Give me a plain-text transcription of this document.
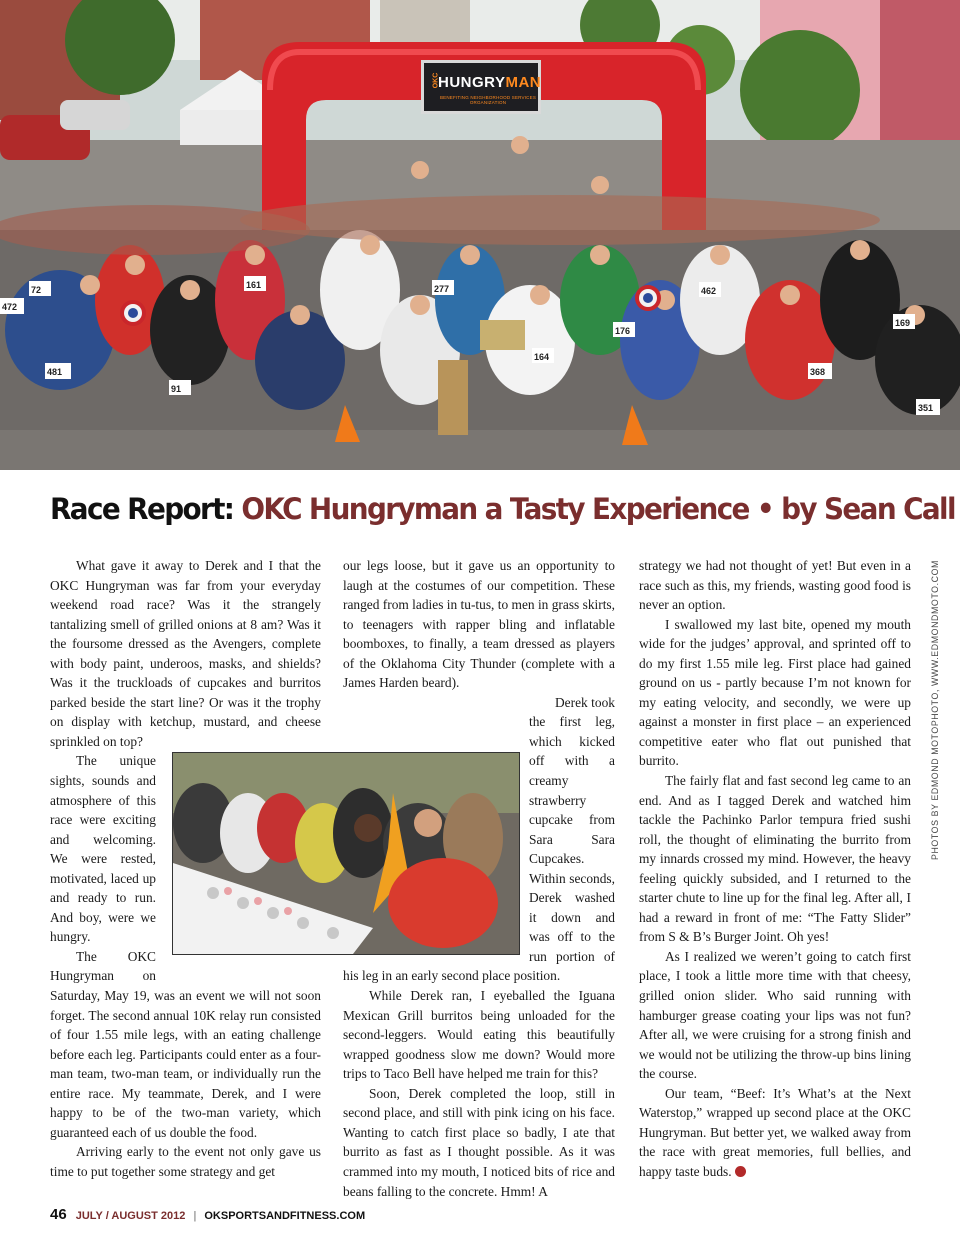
481
472
72	161	277	462
164
176
368
351
169
91
OKC
HUNGRYMAN
BENEFITING NEIGHBORHOOD SERVICES ORGANIZATION
Race Report: OKC Hungryman a Tasty Experience • by Sean Call

What gave it away to Derek and I that the OKC Hungryman was far from your everyday weekend road race? Was it the strangely tantalizing smell of grilled onions at 8 am? Was it the foursome dressed as the Avengers, complete with body paint, underoos, masks, and shields? Was it the truckloads of cupcakes and burritos parked beside the start line? Or was it the trophy on display with ketchup, mustard, and cheese sprinkled on top?

The unique sights, sounds and atmosphere of this race were exciting and welcoming. We were rested, motivated, laced up and ready to run. And boy, were we hungry.

The OKC Hungryman on Saturday, May 19, was an event we will not soon forget. The second annual 10K relay run consisted of four 1.55 mile legs, with an eating challenge before each leg. Participants could enter as a four-man team, two-man team, or individually run the entire race. My teammate, Derek, and I were happy to be of the two-man variety, which guaranteed each of us double the food.

Arriving early to the event not only gave us time to put together some strategy and get

our legs loose, but it gave us an opportunity to laugh at the costumes of our competition. These ranged from ladies in tu-tus, to men in grass skirts, to teenagers with rapper bling and inflatable boomboxes, to finally, a team dressed as players of the Oklahoma City Thunder (complete with a James Harden beard).

Derek took the first leg, which kicked off with a creamy strawberry cupcake from Sara Sara Cupcakes. Within seconds, Derek washed it down and was off to the run portion of his leg in an early second place position.

While Derek ran, I eyeballed the Iguana Mexican Grill burritos being unloaded for the second-leggers. Would eating this beautifully wrapped goodness slow me down? Would more trips to Taco Bell have helped me train for this?

Soon, Derek completed the loop, still in second place, and still with pink icing on his face. Wanting to catch first place so badly, I ate that burrito as fast as I thought possible. As it was crammed into my mouth, I noticed bits of rice and beans falling to the concrete. Hmm! A

strategy we had not thought of yet! But even in a race such as this, my friends, wasting good food is never an option.

I swallowed my last bite, opened my mouth wide for the judges’ approval, and sprinted off to do my first 1.55 mile leg. First place had gained ground on us - partly because I’m not known for my eating velocity, and secondly, we were up against a monster in first place – an experienced competitive eater who flat out punished that burrito.

The fairly flat and fast second leg came to an end. And as I tagged Derek and watched him tackle the Pachinko Parlor tempura fried sushi roll, the thought of eliminating the burrito from my innards crossed my mind. However, the heavy feeling quickly subsided, and I returned to the starter chute to line up for the final leg. After all, I had a reward in front of me: “The Fatty Slider” from S & B’s Burger Joint. Oh yes!

As I realized we weren’t going to catch first place, I took a little more time with that cheesy, grilled onion slider. Who said running with hamburger grease coating your lips was not fun? After all, we were cruising for a strong finish and we would not be utilizing the throw-up bins lining the course.

Our team, “Beef: It’s What’s at the Next Waterstop,” wrapped up second place at the OKC Hungryman. But better yet, we walked away from the race with great memories, full bellies, and happy taste buds.

PHOTOS BY EDMOND MOTOPHOTO, WWW.EDMONDMOTO.COM
46 JULY / AUGUST 2012 | OKSPORTSANDFITNESS.COM
